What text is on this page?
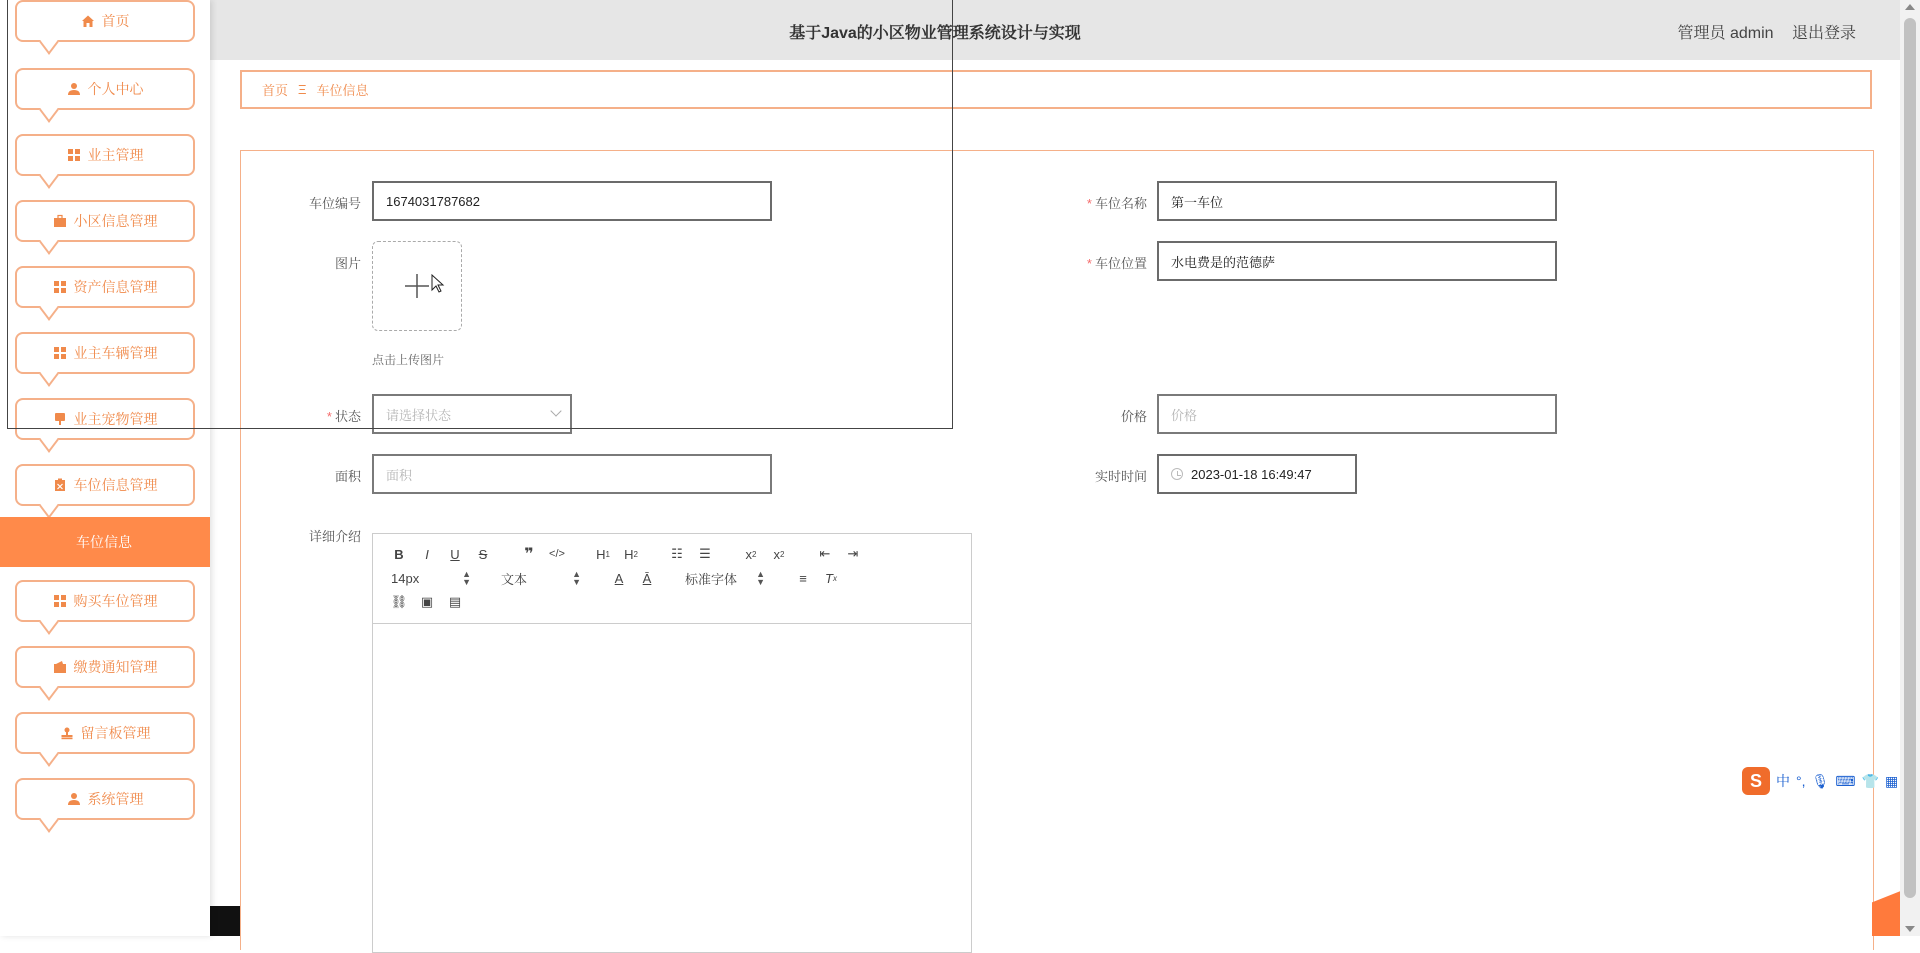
首页
个人中心
业主管理
小区信息管理
资产信息管理
业主车辆管理
业主宠物管理
车位信息管理
车位信息
购买车位管理
缴费通知管理
留言板管理
系统管理
基于Java的小区物业管理系统设计与实现	管理员 admin 退出登录
首页 Ξ 车位信息
车位编号 1674031787682	* 车位名称 第一车位
图片
点击上传图片
* 车位位置 水电费是的范德萨
* 状态 请选择状态	价格 价格
面积 面积	实时时间	2023-01-18 16:49:47
详细介绍
B	I	U	S	❞	</>	H 1	H 2	☷	☰	x 2	x 2	⇤	⇥
14px	▲
▼ 文本	▲
▼	A	Ā	标准字体 ▲
▼	≡	T x
⛓	▣	▤
S	中 °, 🎙 ⌨ 👕 ▦
